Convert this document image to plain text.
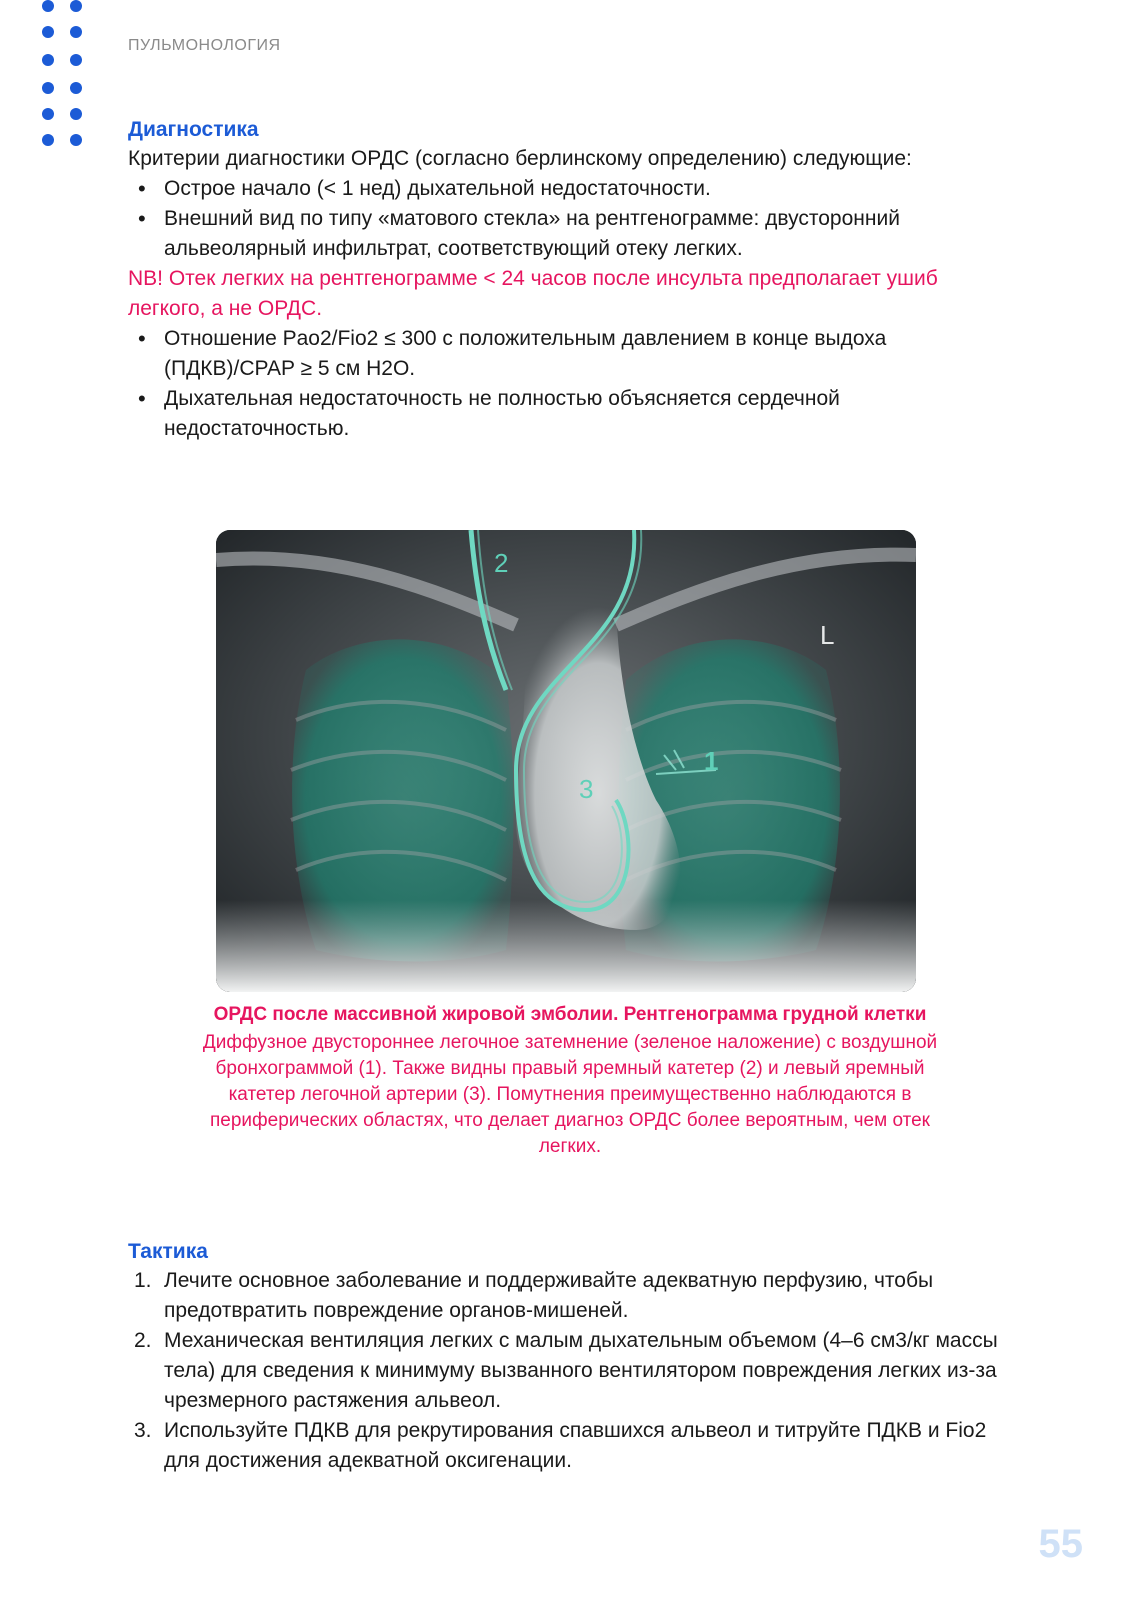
ПУЛЬМОНОЛОГИЯ
Диагностика

Критерии диагностики ОРДС (согласно берлинскому определению) следующие:

• Острое начало (< 1 нед) дыхательной недостаточности.
• Внешний вид по типу «матового стекла» на рентгенограмме: двусторонний альвеолярный инфильтрат, соответствующий отеку легких.
NB! Отек легких на рентгенограмме < 24 часов после инсульта предполагает ушиб легкого, а не ОРДС.
• Отношение Pao2/Fio2 ≤ 300 с положительным давлением в конце выдоха (ПДКВ)/CPAP ≥ 5 см H2O.
• Дыхательная недостаточность не полностью объясняется сердечной недостаточностью.
2
1
3
L
ОРДС после массивной жировой эмболии. Рентгенограмма грудной клетки
Диффузное двустороннее легочное затемнение (зеленое наложение) с воздушной бронхограммой (1). Также видны правый яремный катетер (2) и левый яремный катетер легочной артерии (3). Помутнения преимущественно наблюдаются в периферических областях, что делает диагноз ОРДС более вероятным, чем отек легких.
Тактика
1. Лечите основное заболевание и поддерживайте адекватную перфузию, чтобы предотвратить повреждение органов-мишеней.
2. Механическая вентиляция легких с малым дыхательным объемом (4–6 см3/кг массы тела) для сведения к минимуму вызванного вентилятором повреждения легких из-за чрезмерного растяжения альвеол.
3. Используйте ПДКВ для рекрутирования спавшихся альвеол и титруйте ПДКВ и Fio2 для достижения адекватной оксигенации.
55
